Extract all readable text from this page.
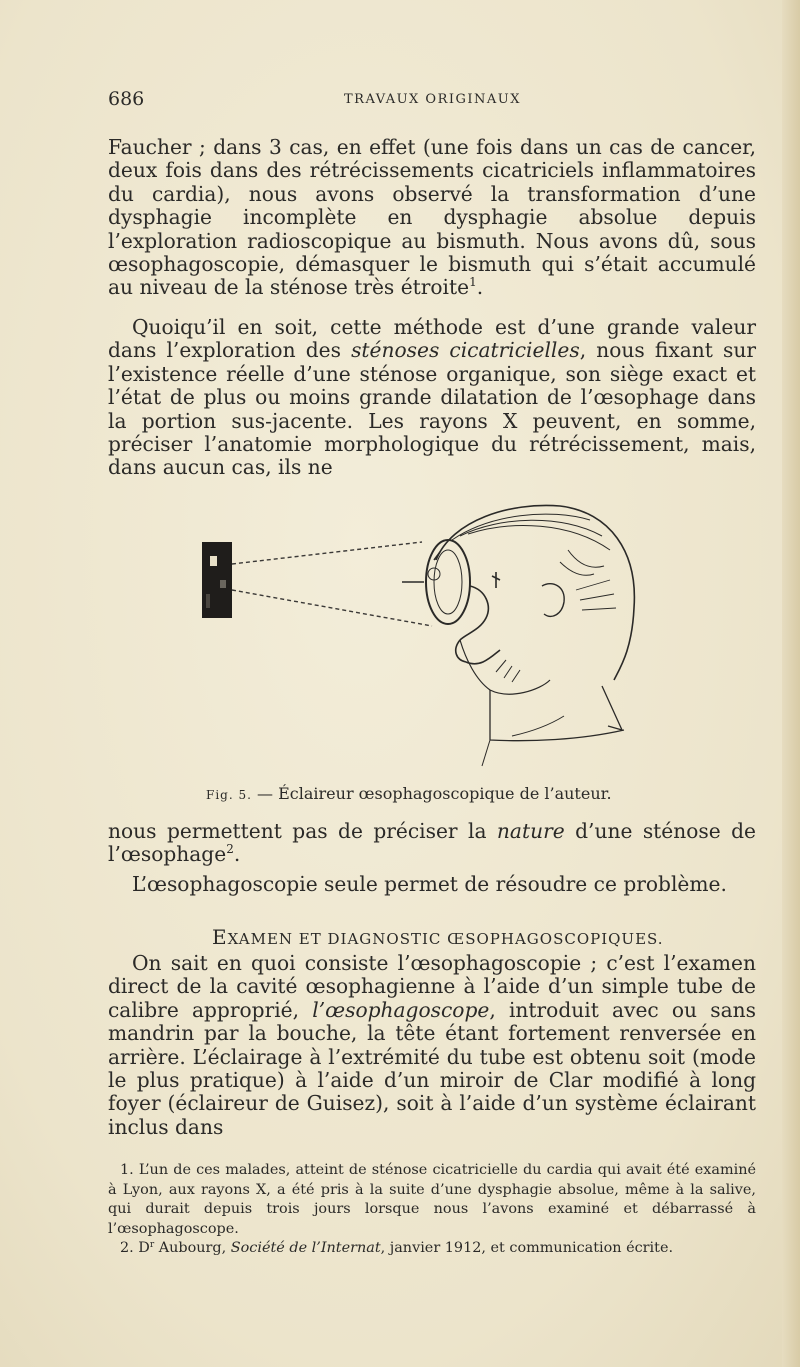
686	TRAVAUX ORIGINAUX

Faucher ; dans 3 cas, en effet (une fois dans un cas de cancer, deux fois dans des rétrécissements cicatriciels inflammatoires du cardia), nous avons observé la transformation d’une dysphagie incomplète en dysphagie absolue depuis l’exploration radioscopique au bismuth. Nous avons dû, sous œsophagoscopie, démasquer le bismuth qui s’était accumulé au niveau de la sténose très étroite$^1$.

Quoiqu’il en soit, cette méthode est d’une grande valeur dans l’exploration des sténoses cicatricielles, nous fixant sur l’existence réelle d’une sténose organique, son siège exact et l’état de plus ou moins grande dilatation de l’œsophage dans la portion sus-jacente. Les rayons X peuvent, en somme, préciser l’anatomie morphologique du rétrécissement, mais, dans aucun cas, ils ne

Fig. 5. — Éclaireur œsophagoscopique de l’auteur.

nous permettent pas de préciser la nature d’une sténose de l’œsophage$^2$.

L’œsophagoscopie seule permet de résoudre ce problème.

EXAMEN ET DIAGNOSTIC ŒSOPHAGOSCOPIQUES.

On sait en quoi consiste l’œsophagoscopie ; c’est l’examen direct de la cavité œsophagienne à l’aide d’un simple tube de calibre approprié, l’œsophagoscope, introduit avec ou sans mandrin par la bouche, la tête étant fortement renversée en arrière. L’éclairage à l’extrémité du tube est obtenu soit (mode le plus pratique) à l’aide d’un miroir de Clar modifié à long foyer (éclaireur de Guisez), soit à l’aide d’un système éclairant inclus dans

1. L’un de ces malades, atteint de sténose cicatricielle du cardia qui avait été examiné à Lyon, aux rayons X, a été pris à la suite d’une dysphagie absolue, même à la salive, qui durait depuis trois jours lorsque nous l’avons examiné et débarrassé à l’œsophagoscope.

2. $D^r$ Aubourg, Société de l’Internat, janvier 1912, et communication écrite.
